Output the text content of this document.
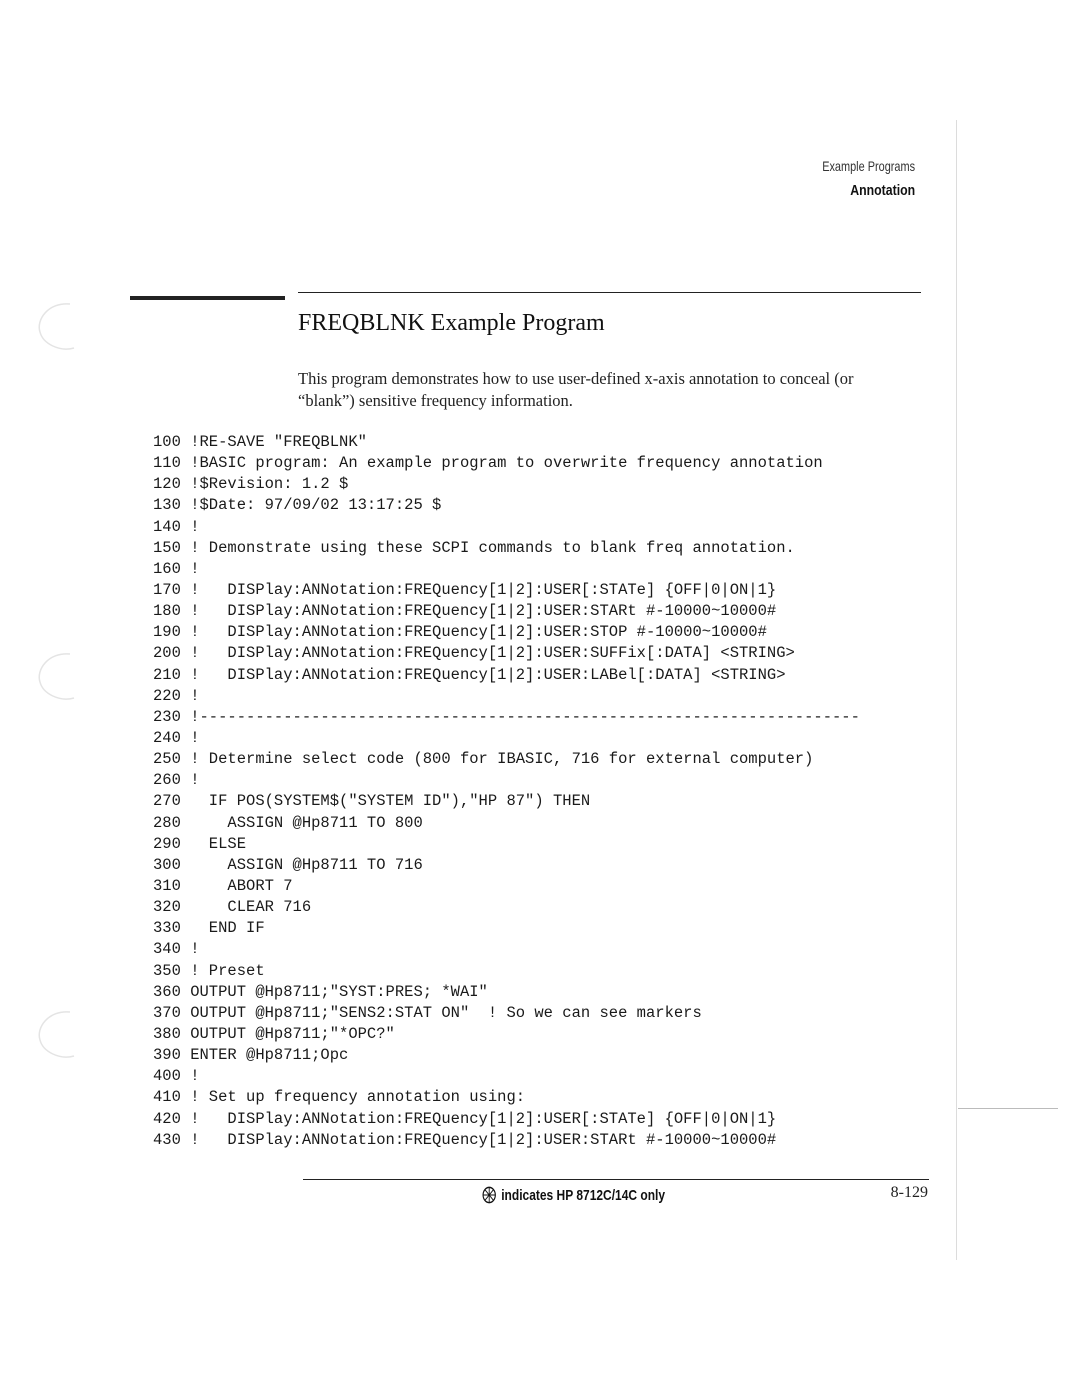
Example Programs
Annotation
FREQBLNK Example Program
This program demonstrates how to use user-defined x-axis annotation to conceal (or “blank”) sensitive frequency information.
100 !RE-SAVE "FREQBLNK"
110 !BASIC program: An example program to overwrite frequency annotation
120 !$Revision: 1.2 $
130 !$Date: 97/09/02 13:17:25 $
140 !
150 ! Demonstrate using these SCPI commands to blank freq annotation.
160 !
170 !   DISPlay:ANNotation:FREQuency[1|2]:USER[:STATe] {OFF|0|ON|1}
180 !   DISPlay:ANNotation:FREQuency[1|2]:USER:STARt #-10000~10000#
190 !   DISPlay:ANNotation:FREQuency[1|2]:USER:STOP #-10000~10000#
200 !   DISPlay:ANNotation:FREQuency[1|2]:USER:SUFFix[:DATA] <STRING>
210 !   DISPlay:ANNotation:FREQuency[1|2]:USER:LABel[:DATA] <STRING>
220 !
230 !-----------------------------------------------------------------------
240 !
250 ! Determine select code (800 for IBASIC, 716 for external computer)
260 !
270   IF POS(SYSTEM$("SYSTEM ID"),"HP 87") THEN
280     ASSIGN @Hp8711 TO 800
290   ELSE
300     ASSIGN @Hp8711 TO 716
310     ABORT 7
320     CLEAR 716
330   END IF
340 !
350 ! Preset
360 OUTPUT @Hp8711;"SYST:PRES; *WAI"
370 OUTPUT @Hp8711;"SENS2:STAT ON"  ! So we can see markers
380 OUTPUT @Hp8711;"*OPC?"
390 ENTER @Hp8711;Opc
400 !
410 ! Set up frequency annotation using:
420 !   DISPlay:ANNotation:FREQuency[1|2]:USER[:STATe] {OFF|0|ON|1}
430 !   DISPlay:ANNotation:FREQuency[1|2]:USER:STARt #-10000~10000#
indicates HP 8712C/14C only	8-129
